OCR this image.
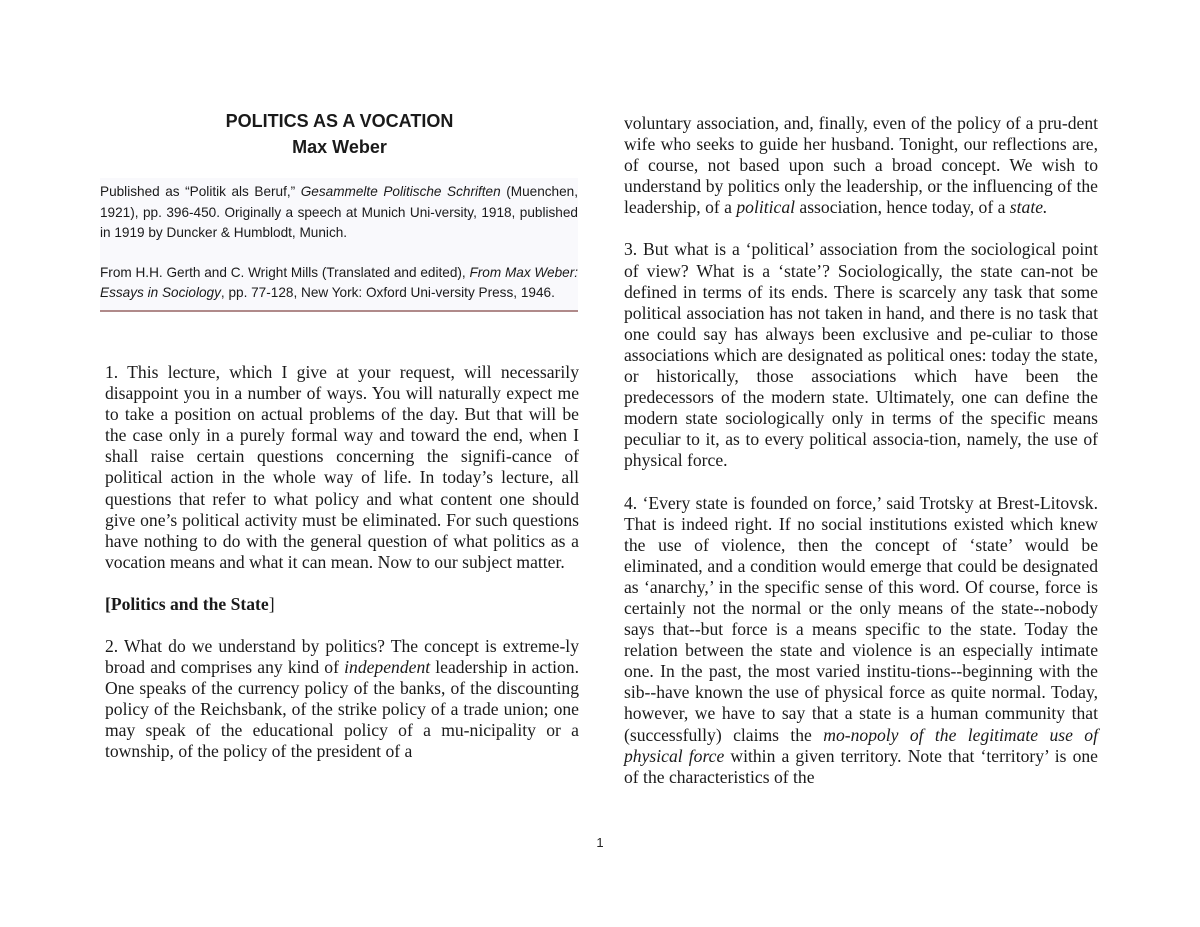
POLITICS AS A VOCATION
Max Weber

Published as “Politik als Beruf,” Gesammelte Politische Schriften (Muenchen, 1921), pp. 396-450. Originally a speech at Munich Uni-versity, 1918, published in 1919 by Duncker & Humblodt, Munich.

From H.H. Gerth and C. Wright Mills (Translated and edited), From Max Weber: Essays in Sociology, pp. 77-128, New York: Oxford Uni-versity Press, 1946.

1. This lecture, which I give at your request, will necessarily disappoint you in a number of ways. You will naturally expect me to take a position on actual problems of the day. But that will be the case only in a purely formal way and toward the end, when I shall raise certain questions concerning the signifi-cance of political action in the whole way of life. In today’s lecture, all questions that refer to what policy and what content one should give one’s political activity must be eliminated. For such questions have nothing to do with the general question of what politics as a vocation means and what it can mean. Now to our subject matter.

[Politics and the State]

2. What do we understand by politics? The concept is extreme-ly broad and comprises any kind of independent leadership in action. One speaks of the currency policy of the banks, of the discounting policy of the Reichsbank, of the strike policy of a trade union; one may speak of the educational policy of a mu-nicipality or a township, of the policy of the president of a

voluntary association, and, finally, even of the policy of a pru-dent wife who seeks to guide her husband. Tonight, our reflections are, of course, not based upon such a broad concept. We wish to understand by politics only the leadership, or the influencing of the leadership, of a political association, hence today, of a state.

3. But what is a ‘political’ association from the sociological point of view? What is a ‘state’? Sociologically, the state can-not be defined in terms of its ends. There is scarcely any task that some political association has not taken in hand, and there is no task that one could say has always been exclusive and pe-culiar to those associations which are designated as political ones: today the state, or historically, those associations which have been the predecessors of the modern state. Ultimately, one can define the modern state sociologically only in terms of the specific means peculiar to it, as to every political associa-tion, namely, the use of physical force.

4. ‘Every state is founded on force,’ said Trotsky at Brest-Litovsk. That is indeed right. If no social institutions existed which knew the use of violence, then the concept of ‘state’ would be eliminated, and a condition would emerge that could be designated as ‘anarchy,’ in the specific sense of this word. Of course, force is certainly not the normal or the only means of the state--nobody says that--but force is a means specific to the state. Today the relation between the state and violence is an especially intimate one. In the past, the most varied institu-tions--beginning with the sib--have known the use of physical force as quite normal. Today, however, we have to say that a state is a human community that (successfully) claims the mo-nopoly of the legitimate use of physical force within a given territory. Note that ‘territory’ is one of the characteristics of the

1
